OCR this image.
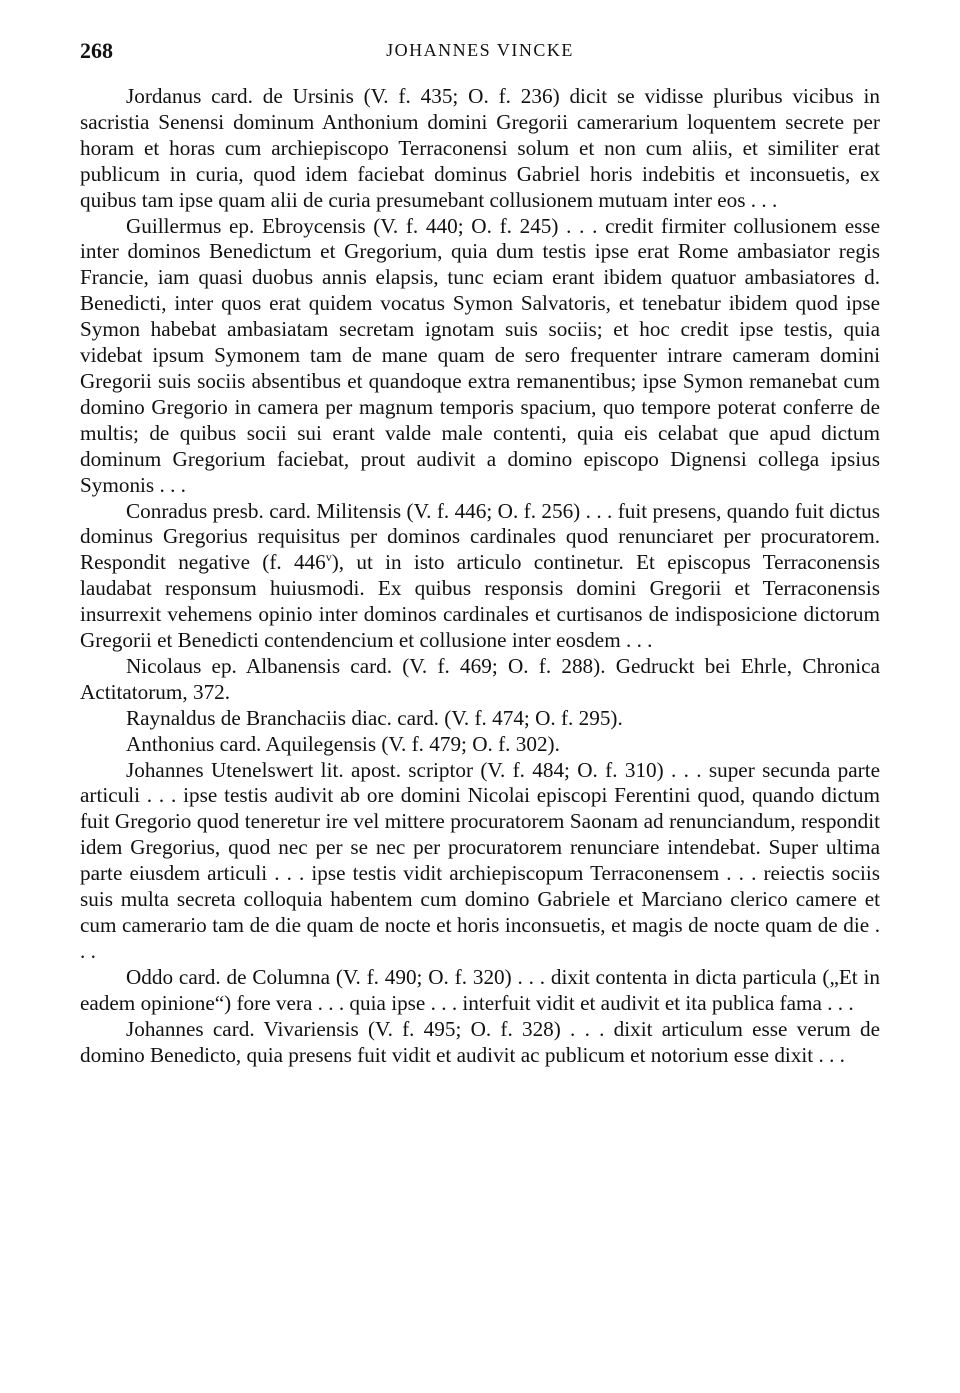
268	JOHANNES VINCKE

Jordanus card. de Ursinis (V. f. 435; O. f. 236) dicit se vidisse pluribus vicibus in sacristia Senensi dominum Anthonium domini Gregorii camerarium loquentem secrete per horam et horas cum archiepiscopo Terraconensi solum et non cum aliis, et similiter erat publicum in curia, quod idem faciebat dominus Gabriel horis indebitis et inconsuetis, ex quibus tam ipse quam alii de curia presumebant collusionem mutuam inter eos . . .

Guillermus ep. Ebroycensis (V. f. 440; O. f. 245) . . . credit firmiter collusionem esse inter dominos Benedictum et Gregorium, quia dum testis ipse erat Rome ambasiator regis Francie, iam quasi duobus annis elapsis, tunc eciam erant ibidem quatuor ambasiatores d. Benedicti, inter quos erat quidem vocatus Symon Salvatoris, et tenebatur ibidem quod ipse Symon habebat ambasiatam secretam ignotam suis sociis; et hoc credit ipse testis, quia videbat ipsum Symonem tam de mane quam de sero frequenter intrare cameram domini Gregorii suis sociis absentibus et quandoque extra remanentibus; ipse Symon remanebat cum domino Gregorio in camera per magnum temporis spacium, quo tempore poterat conferre de multis; de quibus socii sui erant valde male contenti, quia eis celabat que apud dictum dominum Gregorium faciebat, prout audivit a domino episcopo Dignensi collega ipsius Symonis . . .

Conradus presb. card. Militensis (V. f. 446; O. f. 256) . . . fuit presens, quando fuit dictus dominus Gregorius requisitus per dominos cardinales quod renunciaret per procuratorem. Respondit negative (f. 446$^v$), ut in isto articulo continetur. Et episcopus Terraconensis laudabat responsum huiusmodi. Ex quibus responsis domini Gregorii et Terraconensis insurrexit vehemens opinio inter dominos cardinales et curtisanos de indisposicione dictorum Gregorii et Benedicti contendencium et collusione inter eosdem . . .

Nicolaus ep. Albanensis card. (V. f. 469; O. f. 288). Gedruckt bei Ehrle, Chronica Actitatorum, 372.

Raynaldus de Branchaciis diac. card. (V. f. 474; O. f. 295).

Anthonius card. Aquilegensis (V. f. 479; O. f. 302).

Johannes Utenelswert lit. apost. scriptor (V. f. 484; O. f. 310) . . . super secunda parte articuli . . . ipse testis audivit ab ore domini Nicolai episcopi Ferentini quod, quando dictum fuit Gregorio quod teneretur ire vel mittere procuratorem Saonam ad renunciandum, respondit idem Gregorius, quod nec per se nec per procuratorem renunciare intendebat. Super ultima parte eiusdem articuli . . . ipse testis vidit archiepiscopum Terraconensem . . . reiectis sociis suis multa secreta colloquia habentem cum domino Gabriele et Marciano clerico camere et cum camerario tam de die quam de nocte et horis inconsuetis, et magis de nocte quam de die . . .

Oddo card. de Columna (V. f. 490; O. f. 320) . . . dixit contenta in dicta particula („Et in eadem opinione“) fore vera . . . quia ipse . . . interfuit vidit et audivit et ita publica fama . . .

Johannes card. Vivariensis (V. f. 495; O. f. 328) . . . dixit articulum esse verum de domino Benedicto, quia presens fuit vidit et audivit ac publicum et notorium esse dixit . . .
